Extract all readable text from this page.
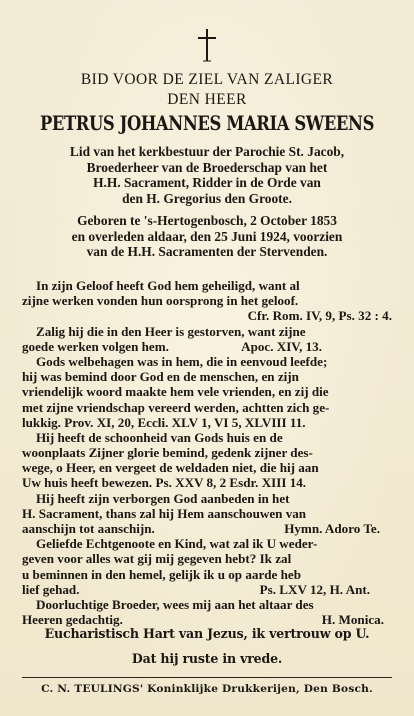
BID VOOR DE ZIEL VAN ZALIGER
DEN HEER
PETRUS JOHANNES MARIA SWEENS
Lid van het kerkbestuur der Parochie St. Jacob,
Broederheer van de Broederschap van het
H.H. Sacrament, Ridder in de Orde van
den H. Gregorius den Groote.
Geboren te 's-Hertogenbosch, 2 October 1853
en overleden aldaar, den 25 Juni 1924, voorzien
van de H.H. Sacramenten der Stervenden.
In zijn Geloof heeft God hem geheiligd, want al
zijne werken vonden hun oorsprong in het geloof.
Cfr. Rom. IV, 9, Ps. 32 : 4.
Zalig hij die in den Heer is gestorven, want zijne
goede werken volgen hem.	Apoc. XIV, 13.
Gods welbehagen was in hem, die in eenvoud leefde;
hij was bemind door God en de menschen, en zijn
vriendelijk woord maakte hem vele vrienden, en zij die
met zijne vriendschap vereerd werden, achtten zich ge-
lukkig. Prov. XI, 20, Eccli. XLV 1, VI 5, XLVIII 11.
Hij heeft de schoonheid van Gods huis en de
woonplaats Zijner glorie bemind, gedenk zijner des-
wege, o Heer, en vergeet de weldaden niet, die hij aan
Uw huis heeft bewezen. Ps. XXV 8, 2 Esdr. XIII 14.
Hij heeft zijn verborgen God aanbeden in het
H. Sacrament, thans zal hij Hem aanschouwen van
aanschijn tot aanschijn.	Hymn. Adoro Te.
Geliefde Echtgenoote en Kind, wat zal ik U weder-
geven voor alles wat gij mij gegeven hebt? Ik zal
u beminnen in den hemel, gelijk ik u op aarde heb
lief gehad.	Ps. LXV 12, H. Ant.
Doorluchtige Broeder, wees mij aan het altaar des
Heeren gedachtig.	H. Monica.
Eucharistisch Hart van Jezus, ik vertrouw op U.
Dat hij ruste in vrede.
C. N. TEULINGS' Koninklijke Drukkerijen, Den Bosch.
